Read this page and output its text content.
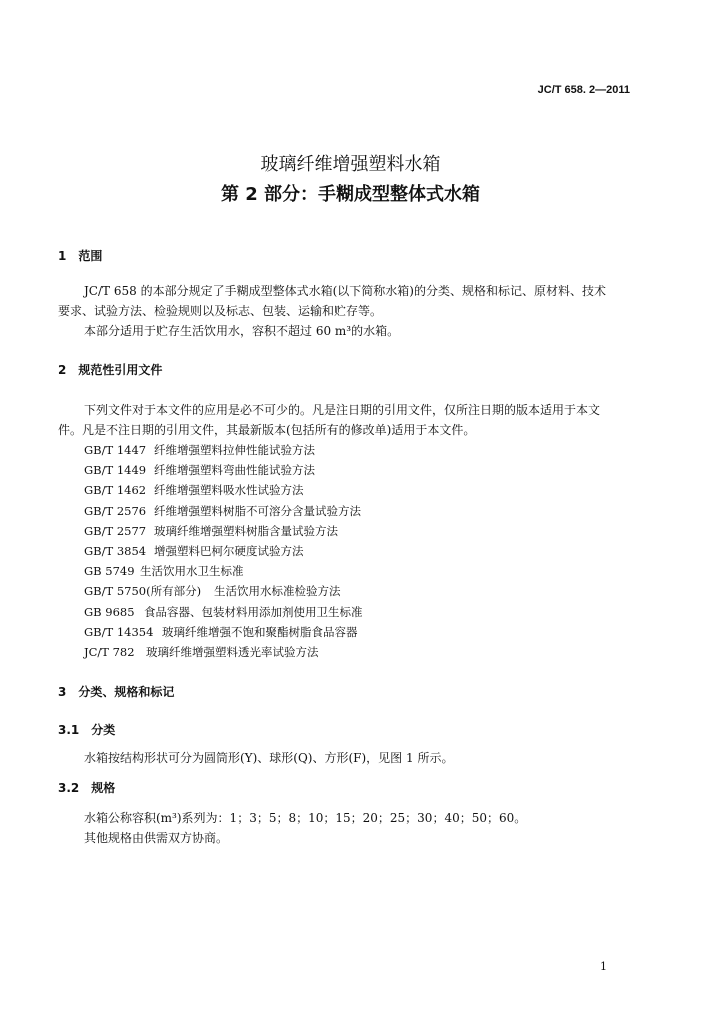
JC/T 658. 2—2011
玻璃纤维增强塑料水箱
第 2 部分：手糊成型整体式水箱
1　范围
JC/T 658 的本部分规定了手糊成型整体式水箱(以下简称水箱)的分类、规格和标记、原材料、技术
要求、试验方法、检验规则以及标志、包装、运输和贮存等。
本部分适用于贮存生活饮用水，容积不超过 60 m³的水箱。
2　规范性引用文件
下列文件对于本文件的应用是必不可少的。凡是注日期的引用文件，仅所注日期的版本适用于本文
件。凡是不注日期的引用文件，其最新版本(包括所有的修改单)适用于本文件。
GB/T 1447 纤维增强塑料拉伸性能试验方法
GB/T 1449 纤维增强塑料弯曲性能试验方法
GB/T 1462 纤维增强塑料吸水性试验方法
GB/T 2576 纤维增强塑料树脂不可溶分含量试验方法
GB/T 2577 玻璃纤维增强塑料树脂含量试验方法
GB/T 3854 增强塑料巴柯尔硬度试验方法
GB 5749 生活饮用水卫生标准
GB/T 5750(所有部分) 生活饮用水标准检验方法
GB 9685 食品容器、包装材料用添加剂使用卫生标准
GB/T 14354 玻璃纤维增强不饱和聚酯树脂食品容器
JC/T 782 玻璃纤维增强塑料透光率试验方法
3　分类、规格和标记
3.1　分类
水箱按结构形状可分为圆筒形(Y)、球形(Q)、方形(F)，见图 1 所示。
3.2　规格
水箱公称容积(m³)系列为：1；3；5；8；10；15；20；25；30；40；50；60。
其他规格由供需双方协商。
1
